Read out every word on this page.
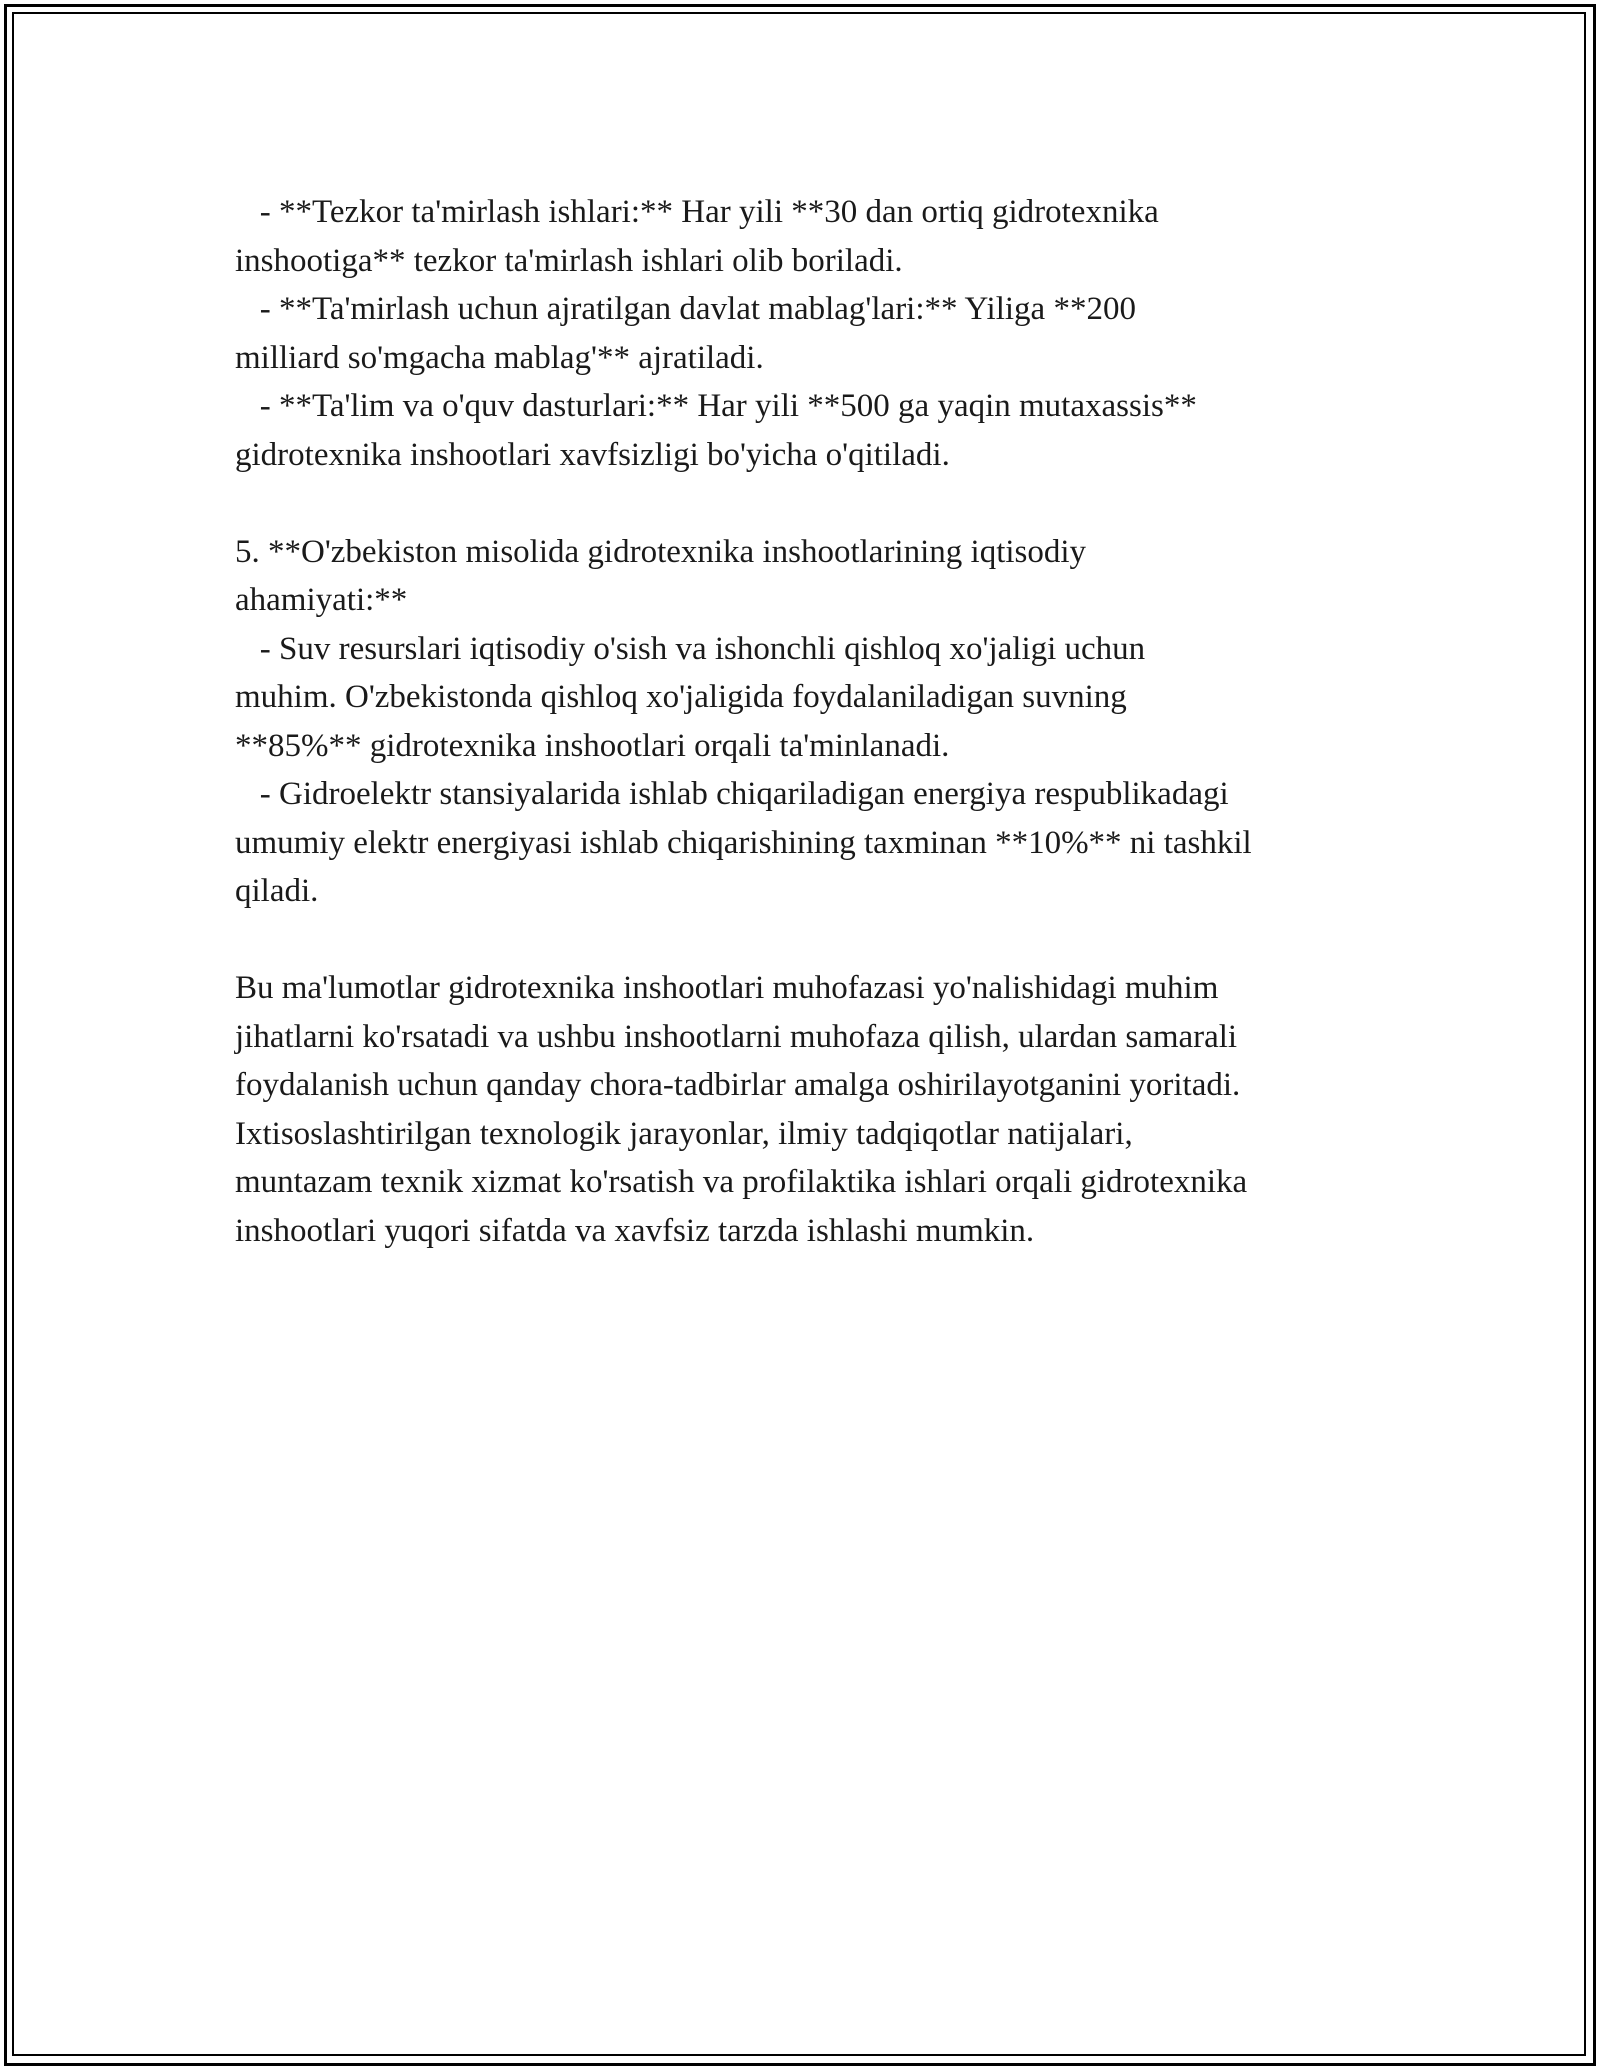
- **Tezkor ta'mirlash ishlari:** Har yili **30 dan ortiq gidrotexnika

inshootiga** tezkor ta'mirlash ishlari olib boriladi.

- **Ta'mirlash uchun ajratilgan davlat mablag'lari:** Yiliga **200

milliard so'mgacha mablag'** ajratiladi.

- **Ta'lim va o'quv dasturlari:** Har yili **500 ga yaqin mutaxassis**

gidrotexnika inshootlari xavfsizligi bo'yicha o'qitiladi.

5. **O'zbekiston misolida gidrotexnika inshootlarining iqtisodiy

ahamiyati:**

- Suv resurslari iqtisodiy o'sish va ishonchli qishloq xo'jaligi uchun

muhim. O'zbekistonda qishloq xo'jaligida foydalaniladigan suvning

**85%** gidrotexnika inshootlari orqali ta'minlanadi.

- Gidroelektr stansiyalarida ishlab chiqariladigan energiya respublikadagi

umumiy elektr energiyasi ishlab chiqarishining taxminan **10%** ni tashkil

qiladi.

Bu ma'lumotlar gidrotexnika inshootlari muhofazasi yo'nalishidagi muhim

jihatlarni ko'rsatadi va ushbu inshootlarni muhofaza qilish, ulardan samarali

foydalanish uchun qanday chora-tadbirlar amalga oshirilayotganini yoritadi.

Ixtisoslashtirilgan texnologik jarayonlar, ilmiy tadqiqotlar natijalari,

muntazam texnik xizmat ko'rsatish va profilaktika ishlari orqali gidrotexnika

inshootlari yuqori sifatda va xavfsiz tarzda ishlashi mumkin.
